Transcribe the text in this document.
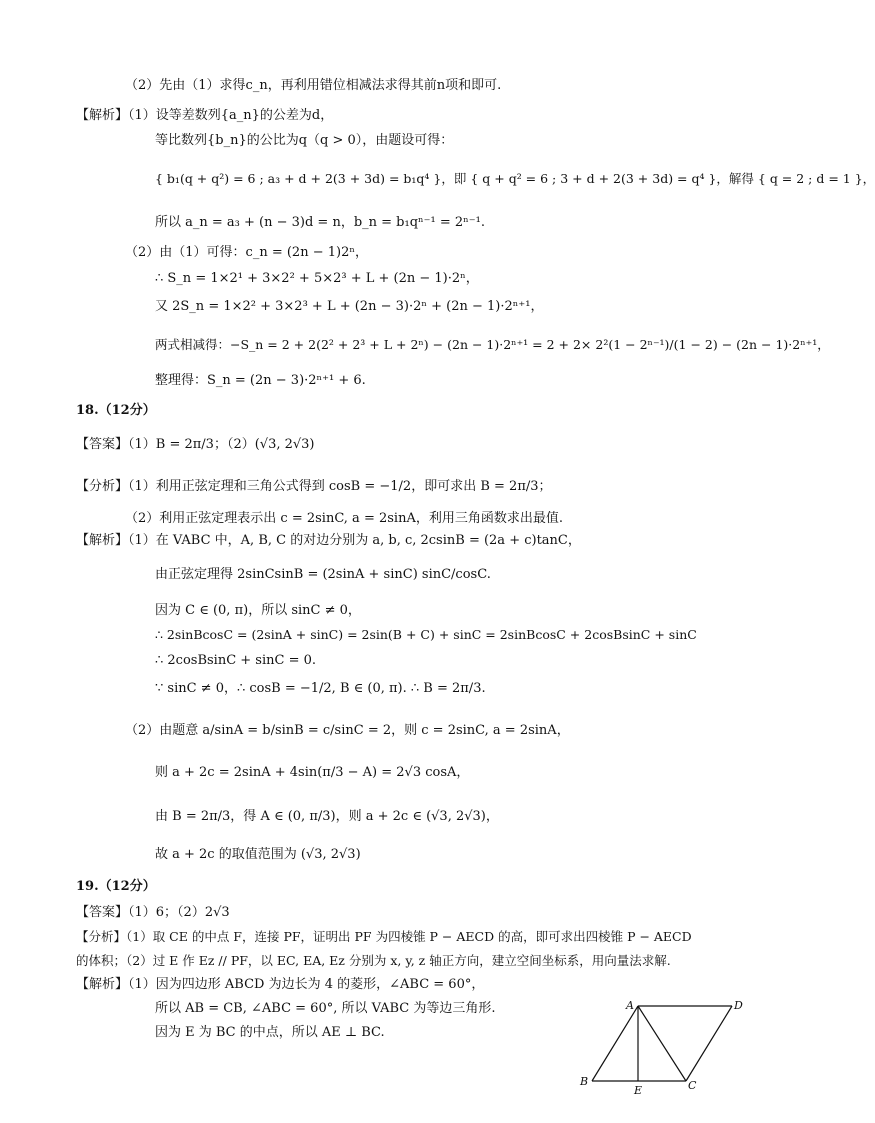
（2）先由（1）求得c_n，再利用错位相减法求得其前n项和即可.
【解析】（1）设等差数列{a_n}的公差为d，
等比数列{b_n}的公比为q（q > 0），由题设可得：
{ b₁(q + q²) = 6 ; a₃ + d + 2(3 + 3d) = b₁q⁴ }，即 { q + q² = 6 ; 3 + d + 2(3 + 3d) = q⁴ }，解得 { q = 2 ; d = 1 }，
所以 a_n = a₃ + (n − 3)d = n，b_n = b₁qⁿ⁻¹ = 2ⁿ⁻¹.
（2）由（1）可得：c_n = (2n − 1)2ⁿ，
∴ S_n = 1×2¹ + 3×2² + 5×2³ + L + (2n − 1)·2ⁿ，
又 2S_n = 1×2² + 3×2³ + L + (2n − 3)·2ⁿ + (2n − 1)·2ⁿ⁺¹，
两式相减得：−S_n = 2 + 2(2² + 2³ + L + 2ⁿ) − (2n − 1)·2ⁿ⁺¹ = 2 + 2× 2²(1 − 2ⁿ⁻¹)/(1 − 2) − (2n − 1)·2ⁿ⁺¹，
整理得：S_n = (2n − 3)·2ⁿ⁺¹ + 6.
18.（12分）
【答案】（1）B = 2π/3；（2）(√3, 2√3)
【分析】（1）利用正弦定理和三角公式得到 cosB = −1/2，即可求出 B = 2π/3；
（2）利用正弦定理表示出 c = 2sinC, a = 2sinA，利用三角函数求出最值.
【解析】（1）在 VABC 中，A, B, C 的对边分别为 a, b, c, 2csinB = (2a + c)tanC，
由正弦定理得 2sinCsinB = (2sinA + sinC) sinC/cosC.
因为 C ∈ (0, π)，所以 sinC ≠ 0，
∴ 2sinBcosC = (2sinA + sinC) = 2sin(B + C) + sinC = 2sinBcosC + 2cosBsinC + sinC
∴ 2cosBsinC + sinC = 0.
∵ sinC ≠ 0，∴ cosB = −1/2, B ∈ (0, π). ∴ B = 2π/3.
（2）由题意 a/sinA = b/sinB = c/sinC = 2，则 c = 2sinC, a = 2sinA，
则 a + 2c = 2sinA + 4sin(π/3 − A) = 2√3 cosA，
由 B = 2π/3，得 A ∈ (0, π/3)，则 a + 2c ∈ (√3, 2√3)，
故 a + 2c 的取值范围为 (√3, 2√3)
19.（12分）
【答案】（1）6；（2）2√3
【分析】（1）取 CE 的中点 F，连接 PF，证明出 PF 为四棱锥 P − AECD 的高，即可求出四棱锥 P − AECD
的体积；（2）过 E 作 Ez // PF，以 EC, EA, Ez 分别为 x, y, z 轴正方向，建立空间坐标系，用向量法求解.
【解析】（1）因为四边形 ABCD 为边长为 4 的菱形，∠ABC = 60°，
所以 AB = CB, ∠ABC = 60°, 所以 VABC 为等边三角形.
因为 E 为 BC 的中点，所以 AE ⊥ BC.
A	D
B	C
E
